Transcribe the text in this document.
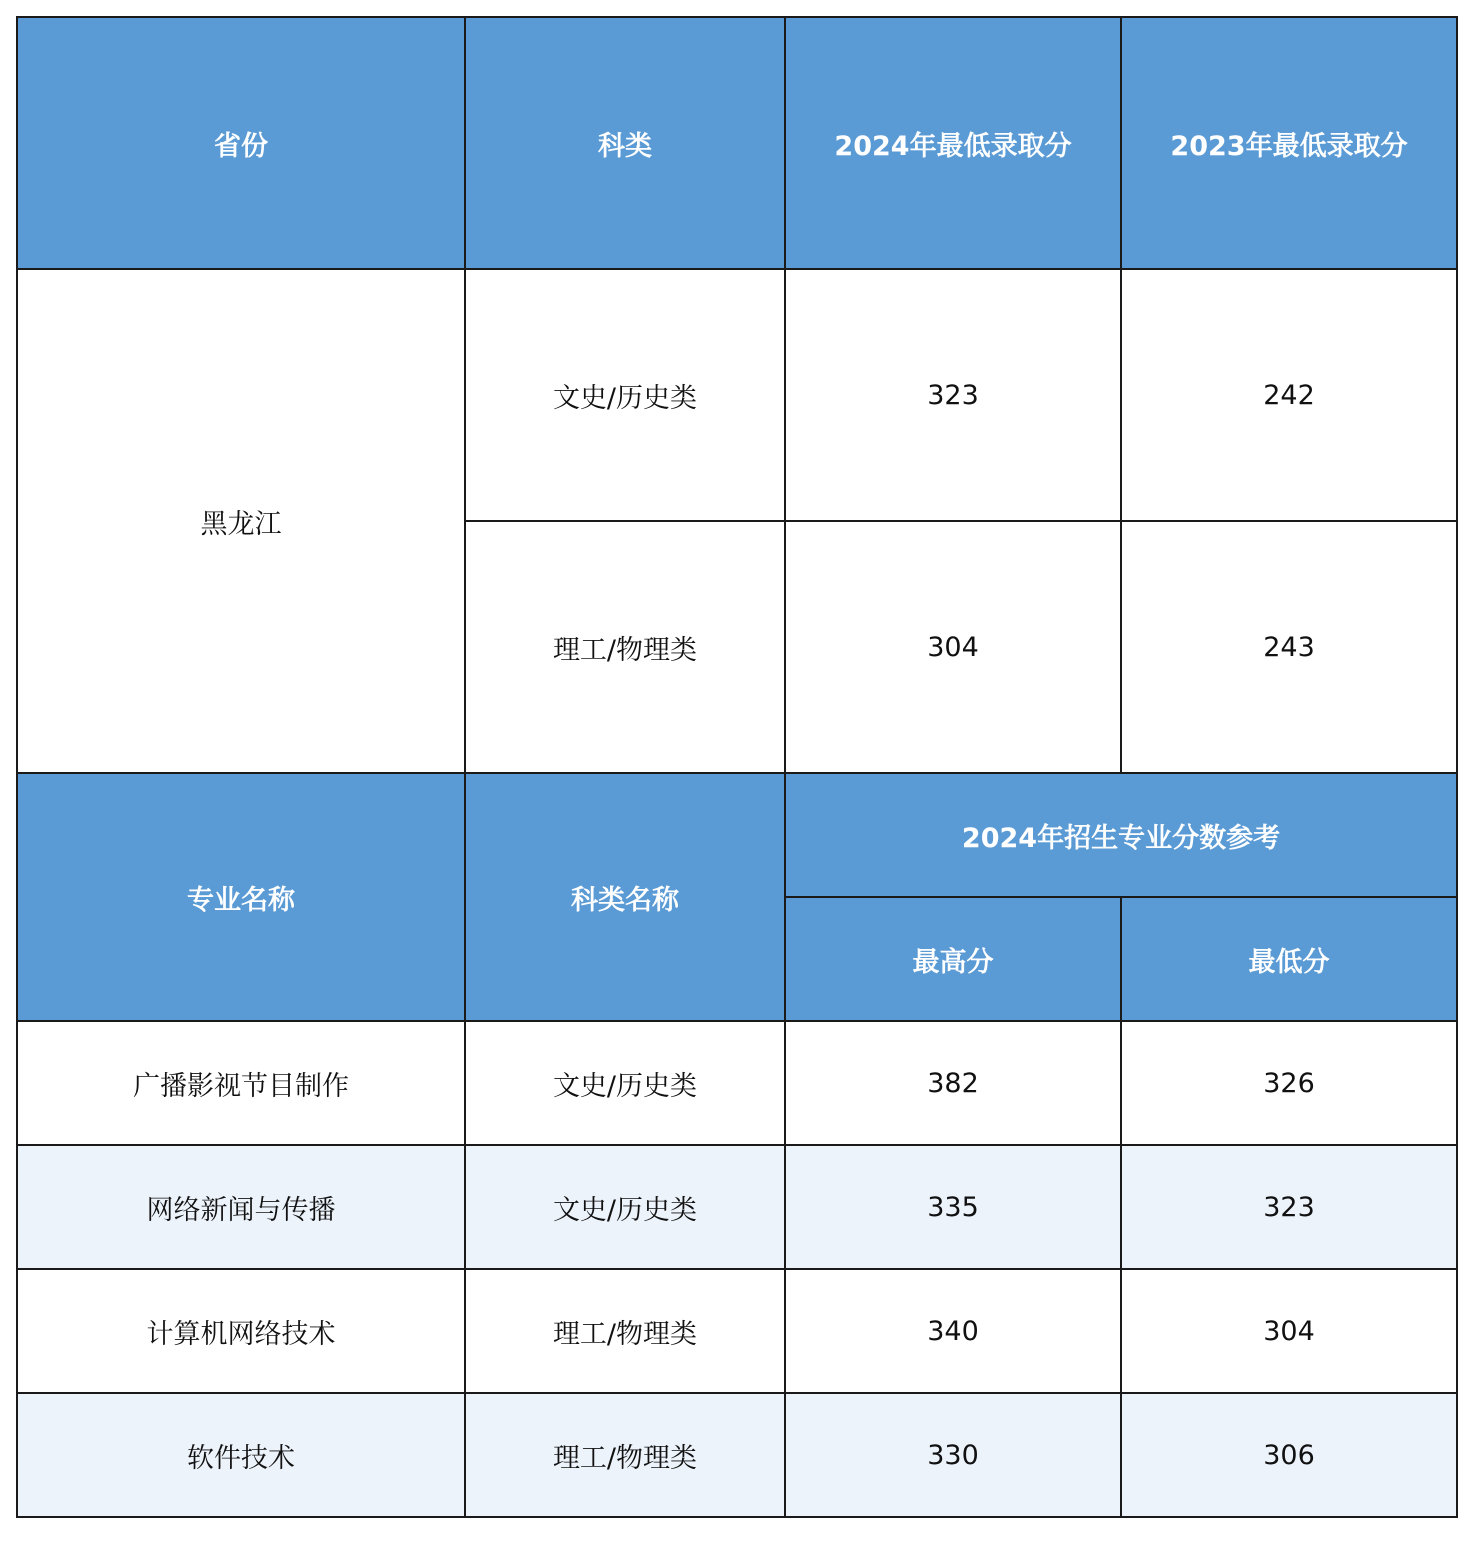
省份	科类	2024年最低录取分	2023年最低录取分
黑龙江	文史/历史类	323	242
	理工/物理类	304	243
专业名称	科类名称	2024年招生专业分数参考	
		最高分	最低分
广播影视节目制作	文史/历史类	382	326
网络新闻与传播	文史/历史类	335	323
计算机网络技术	理工/物理类	340	304
软件技术	理工/物理类	330	306
